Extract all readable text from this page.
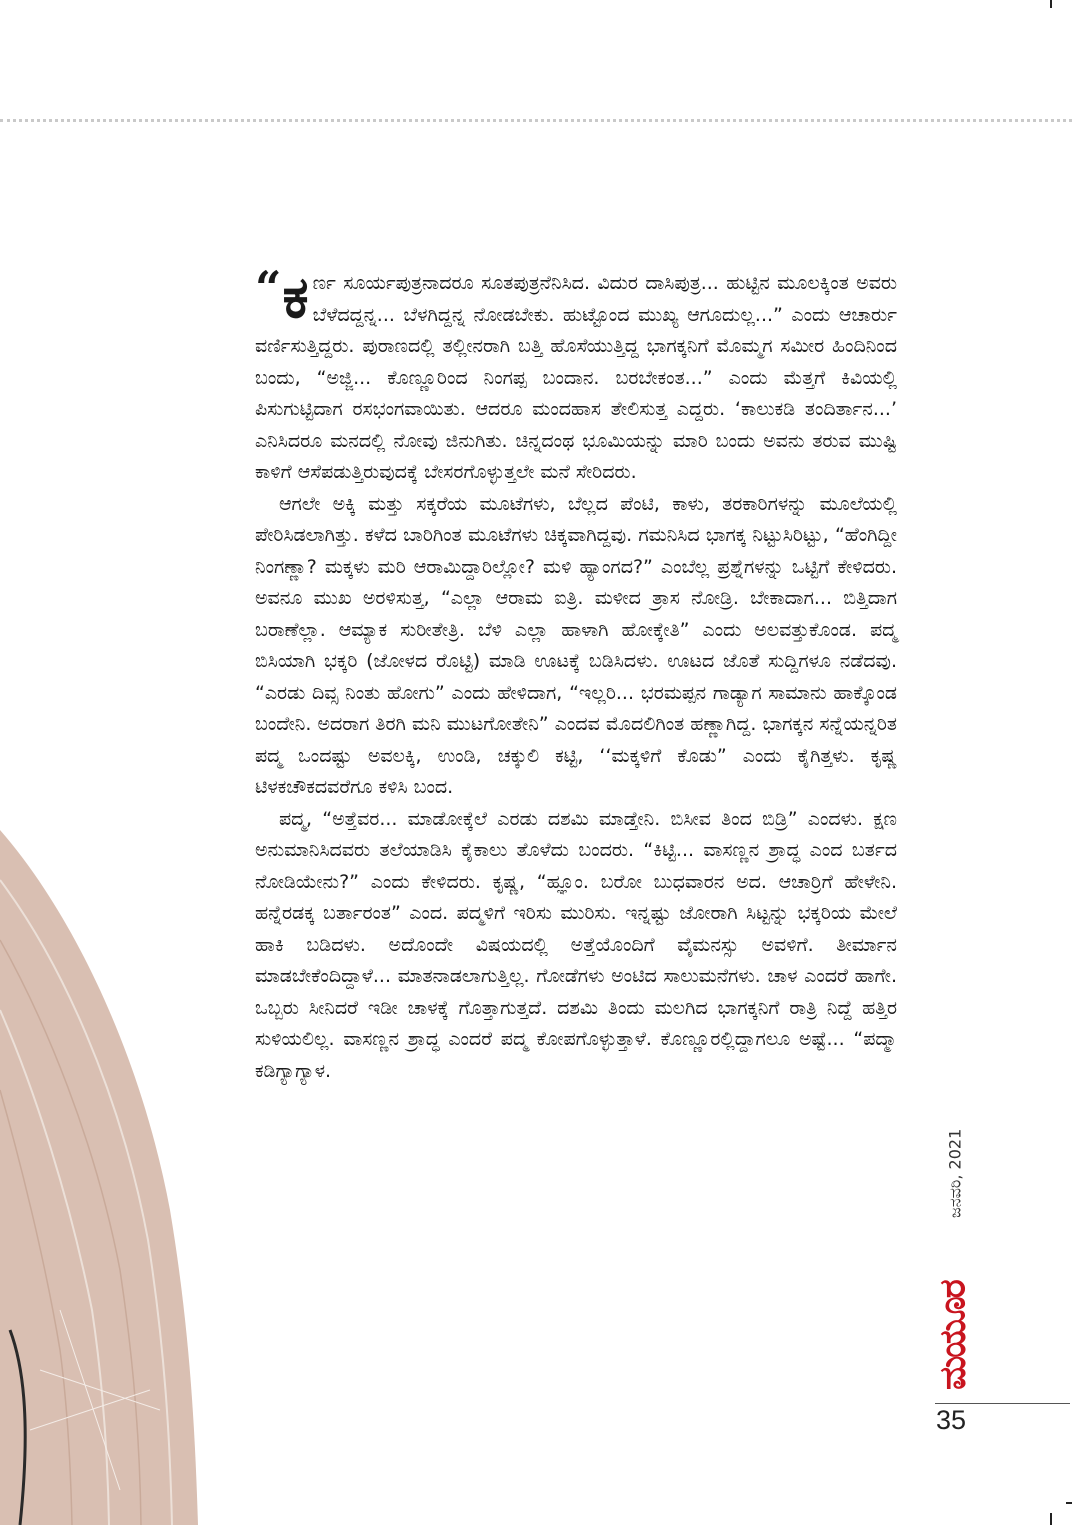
“ ಕ ರ್ಣ ಸೂರ್ಯಪುತ್ರನಾದರೂ ಸೂತಪುತ್ರನೆನಿಸಿದ. ವಿದುರ ದಾಸಿಪುತ್ರ... ಹುಟ್ಟಿನ ಮೂಲಕ್ಕಿಂತ ಅವರು ಬೆಳೆದದ್ದನ್ನ... ಬೆಳಗಿದ್ದನ್ನ ನೋಡಬೇಕು. ಹುಟ್ಟೊಂದ ಮುಖ್ಯ ಆಗೂದುಲ್ಲ...” ಎಂದು ಆಚಾರ್ರು ವರ್ಣಿಸುತ್ತಿದ್ದರು. ಪುರಾಣದಲ್ಲಿ ತಲ್ಲೀನರಾಗಿ ಬತ್ತಿ ಹೊಸೆಯುತ್ತಿದ್ದ ಭಾಗಕ್ಕನಿಗೆ ಮೊಮ್ಮಗ ಸಮೀರ ಹಿಂದಿನಿಂದ ಬಂದು, “ಅಜ್ಜಿ... ಕೊಣ್ಣೂರಿಂದ ನಿಂಗಪ್ಪ ಬಂದಾನ. ಬರಬೇಕಂತ...” ಎಂದು ಮೆತ್ತಗೆ ಕಿವಿಯಲ್ಲಿ ಪಿಸುಗುಟ್ಟಿದಾಗ ರಸಭಂಗವಾಯಿತು. ಆದರೂ ಮಂದಹಾಸ ತೇಲಿಸುತ್ತ ಎದ್ದರು. ‘ಕಾಲುಕಡಿ ತಂದಿರ್ತಾನ...’ ಎನಿಸಿದರೂ ಮನದಲ್ಲಿ ನೋವು ಜಿನುಗಿತು. ಚಿನ್ನದಂಥ ಭೂಮಿಯನ್ನು ಮಾರಿ ಬಂದು ಅವನು ತರುವ ಮುಷ್ಟಿ ಕಾಳಿಗೆ ಆಸೆಪಡುತ್ತಿರುವುದಕ್ಕೆ ಬೇಸರಗೊಳ್ಳುತ್ತಲೇ ಮನೆ ಸೇರಿದರು.

ಆಗಲೇ ಅಕ್ಕಿ ಮತ್ತು ಸಕ್ಕರೆಯ ಮೂಟೆಗಳು, ಬೆಲ್ಲದ ಪೆಂಟಿ, ಕಾಳು, ತರಕಾರಿಗಳನ್ನು ಮೂಲೆಯಲ್ಲಿ ಪೇರಿಸಿಡಲಾಗಿತ್ತು. ಕಳೆದ ಬಾರಿಗಿಂತ ಮೂಟೆಗಳು ಚಿಕ್ಕವಾಗಿದ್ದವು. ಗಮನಿಸಿದ ಭಾಗಕ್ಕ ನಿಟ್ಟುಸಿರಿಟ್ಟು, “ಹೆಂಗಿದ್ದೀ ನಿಂಗಣ್ಣಾ? ಮಕ್ಕಳು ಮರಿ ಆರಾಮಿದ್ದಾರಿಲ್ಲೋ? ಮಳಿ ಹ್ಯಾಂಗದ?” ಎಂಬೆಲ್ಲ ಪ್ರಶ್ನೆಗಳನ್ನು ಒಟ್ಟಿಗೆ ಕೇಳಿದರು. ಅವನೂ ಮುಖ ಅರಳಿಸುತ್ತ, “ಎಲ್ಲಾ ಆರಾಮ ಐತ್ರಿ. ಮಳೀದ ತ್ರಾಸ ನೋಡ್ರಿ. ಬೇಕಾದಾಗ... ಬಿತ್ತಿದಾಗ ಬರಾಣೆಲ್ಲಾ. ಆಮ್ಯಾಕ ಸುರೀತೇತ್ರಿ. ಬೆಳಿ ಎಲ್ಲಾ ಹಾಳಾಗಿ ಹೋಕ್ಕೇತಿ” ಎಂದು ಅಲವತ್ತುಕೊಂಡ. ಪದ್ಮ ಬಿಸಿಯಾಗಿ ಭಕ್ಕರಿ (ಜೋಳದ ರೊಟ್ಟಿ) ಮಾಡಿ ಊಟಕ್ಕೆ ಬಡಿಸಿದಳು. ಊಟದ ಜೊತೆ ಸುದ್ದಿಗಳೂ ನಡೆದವು. “ಎರಡು ದಿವ್ಸ ನಿಂತು ಹೋಗು” ಎಂದು ಹೇಳಿದಾಗ, “ಇಲ್ಲರಿ... ಭರಮಪ್ಪನ ಗಾಡ್ಯಾಗ ಸಾಮಾನು ಹಾಕ್ಕೊಂಡ ಬಂದೇನಿ. ಅದರಾಗ ತಿರಗಿ ಮನಿ ಮುಟಗೋತೇನಿ” ಎಂದವ ಮೊದಲಿಗಿಂತ ಹಣ್ಣಾಗಿದ್ದ. ಭಾಗಕ್ಕನ ಸನ್ನೆಯನ್ನರಿತ ಪದ್ಮ ಒಂದಷ್ಟು ಅವಲಕ್ಕಿ, ಉಂಡಿ, ಚಕ್ಕುಲಿ ಕಟ್ಟಿ, ‘‘ಮಕ್ಕಳಿಗೆ ಕೊಡು” ಎಂದು ಕೈಗಿತ್ತಳು. ಕೃಷ್ಣ ಟಿಳಕಚೌಕದವರೆಗೂ ಕಳಿಸಿ ಬಂದ.

ಪದ್ಮ, “ಅತ್ತೆವರ... ಮಾಡೋಕ್ಕೆಲೆ ಎರಡು ದಶಮಿ ಮಾಡ್ತೇನಿ. ಬಿಸೀವ ತಿಂದ ಬಿಡ್ರಿ” ಎಂದಳು. ಕ್ಷಣ ಅನುಮಾನಿಸಿದವರು ತಲೆಯಾಡಿಸಿ ಕೈಕಾಲು ತೊಳೆದು ಬಂದರು. “ಕಿಟ್ಟಿ... ವಾಸಣ್ಣನ ಶ್ರಾದ್ಧ ಎಂದ ಬರ್ತದ ನೋಡಿಯೇನು?” ಎಂದು ಕೇಳಿದರು. ಕೃಷ್ಣ, “ಹ್ಞೂಂ. ಬರೋ ಬುಧವಾರನ ಅದ. ಆಚಾರ್ರಿಗೆ ಹೇಳೇನಿ. ಹನ್ನೆರಡಕ್ಕ ಬರ್ತಾರಂತ” ಎಂದ. ಪದ್ಮಳಿಗೆ ಇರಿಸು ಮುರಿಸು. ಇನ್ನಷ್ಟು ಜೋರಾಗಿ ಸಿಟ್ಟನ್ನು ಭಕ್ಕರಿಯ ಮೇಲೆ ಹಾಕಿ ಬಡಿದಳು. ಅದೊಂದೇ ವಿಷಯದಲ್ಲಿ ಅತ್ತೆಯೊಂದಿಗೆ ವೈಮನಸ್ಸು ಅವಳಿಗೆ. ತೀರ್ಮಾನ ಮಾಡಬೇಕೆಂದಿದ್ದಾಳೆ... ಮಾತನಾಡಲಾಗುತ್ತಿಲ್ಲ. ಗೋಡೆಗಳು ಅಂಟಿದ ಸಾಲುಮನೆಗಳು. ಚಾಳ ಎಂದರೆ ಹಾಗೇ. ಒಬ್ಬರು ಸೀನಿದರೆ ಇಡೀ ಚಾಳಕ್ಕೆ ಗೊತ್ತಾಗುತ್ತದೆ. ದಶಮಿ ತಿಂದು ಮಲಗಿದ ಭಾಗಕ್ಕನಿಗೆ ರಾತ್ರಿ ನಿದ್ದೆ ಹತ್ತಿರ ಸುಳಿಯಲಿಲ್ಲ. ವಾಸಣ್ಣನ ಶ್ರಾದ್ಧ ಎಂದರೆ ಪದ್ಮ ಕೋಪಗೊಳ್ಳುತ್ತಾಳೆ. ಕೊಣ್ಣೂರಲ್ಲಿದ್ದಾಗಲೂ ಅಷ್ಟೆ... “ಪದ್ಮಾ ಕಡಿಗ್ಯಾಗ್ಯಾಳ.

ಜನವರಿ, 2021
ಮಯೂರ
35
